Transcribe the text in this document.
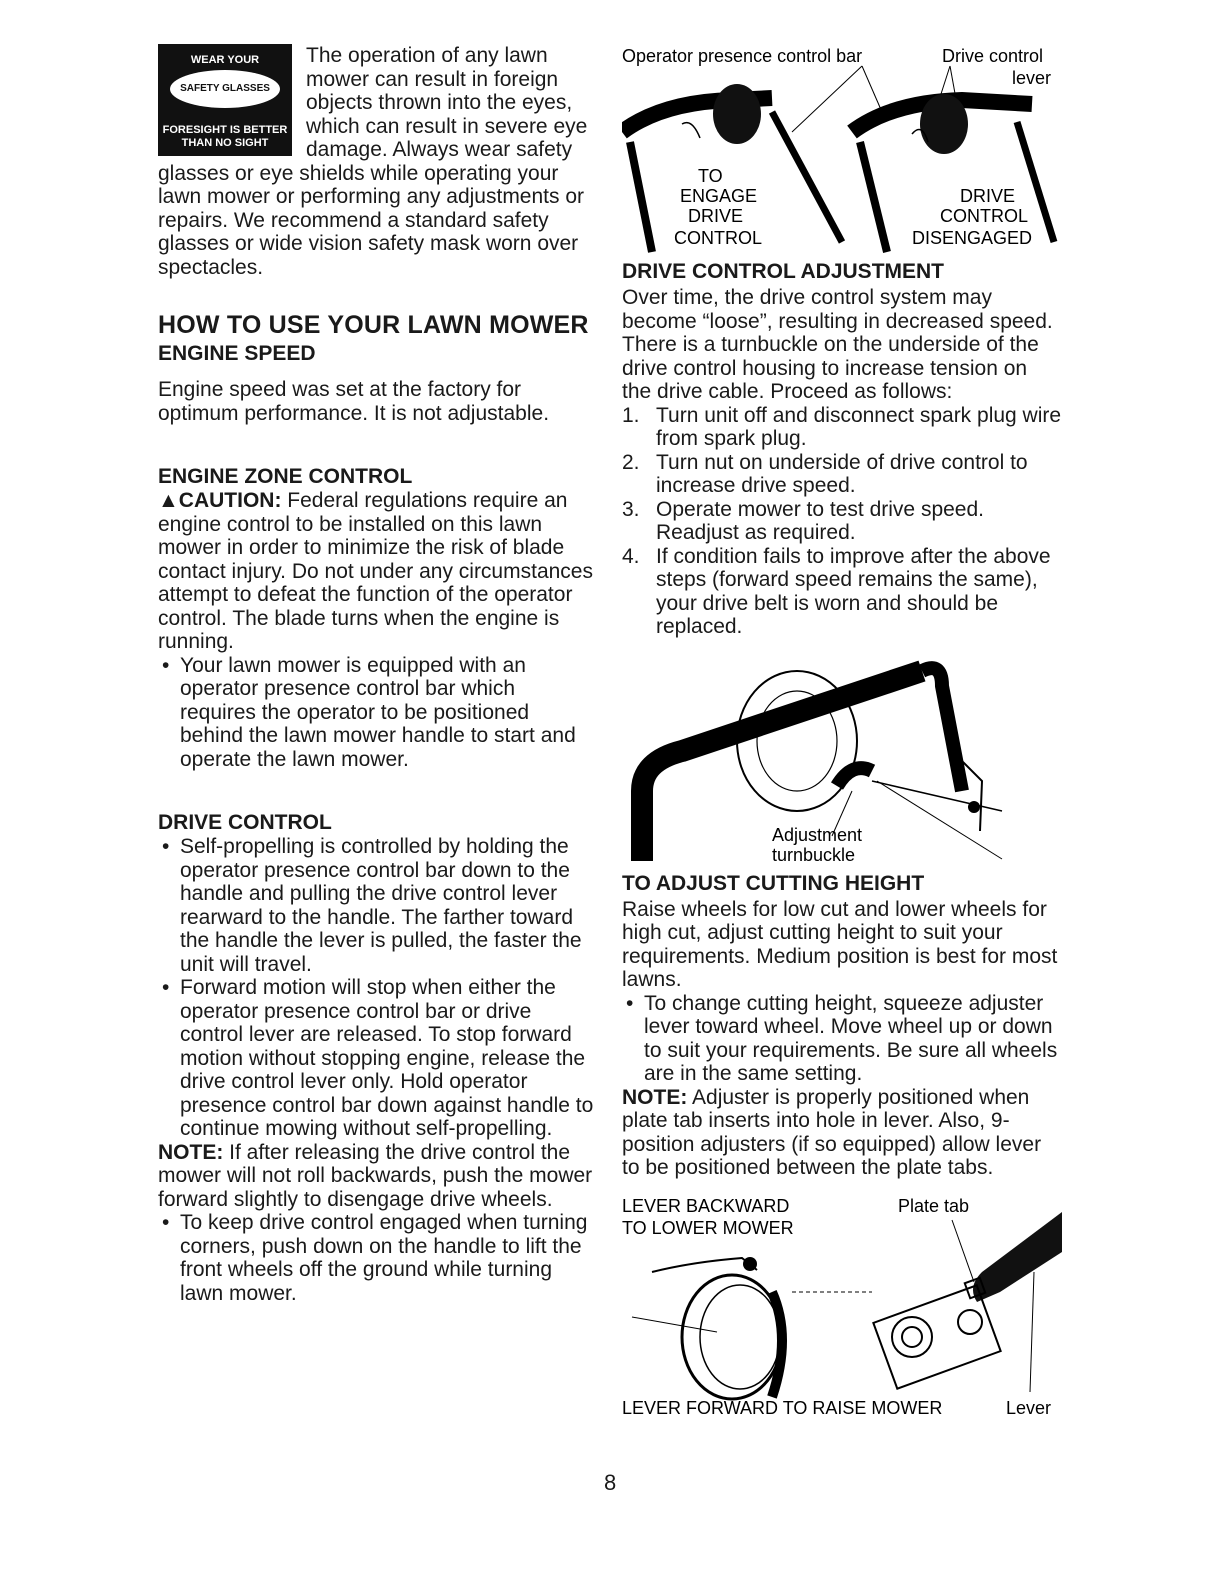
WEAR YOUR
SAFETY GLASSES
FORESIGHT IS BETTER
THAN NO SIGHT

The operation of any lawn mower can result in foreign objects thrown into the eyes, which can result in severe eye damage. Always wear safety glasses or eye shields while operating your lawn mower or performing any adjustments or repairs. We recommend a standard safety glasses or wide vision safety mask worn over spectacles.

HOW TO USE YOUR LAWN MOWER
ENGINE SPEED

Engine speed was set at the factory for optimum performance. It is not adjustable.

ENGINE ZONE CONTROL

▲CAUTION: Federal regulations require an engine control to be installed on this lawn mower in order to minimize the risk of blade contact injury. Do not under any circumstances attempt to defeat the function of the operator control. The blade turns when the engine is running.

• Your lawn mower is equipped with an operator presence control bar which requires the operator to be positioned behind the lawn mower handle to start and operate the lawn mower.
DRIVE CONTROL
• Self-propelling is controlled by holding the operator presence control bar down to the handle and pulling the drive control lever rearward to the handle. The farther toward the handle the lever is pulled, the faster the unit will travel.
• Forward motion will stop when either the operator presence control bar or drive control lever are released. To stop forward motion without stopping engine, release the drive control lever only. Hold operator presence control bar down against handle to continue mowing without self-propelling.

NOTE: If after releasing the drive control the mower will not roll backwards, push the mower forward slightly to disengage drive wheels.

• To keep drive control engaged when turning corners, push down on the handle to lift the front wheels off the ground while turning lawn mower.
Operator presence control bar	Drive control
lever
TO
ENGAGE
DRIVE
CONTROL
DRIVE
CONTROL
DISENGAGED
DRIVE CONTROL ADJUSTMENT

Over time, the drive control system may become “loose”, resulting in decreased speed. There is a turnbuckle on the underside of the drive control housing to increase tension on the drive cable. Proceed as follows:

1. Turn unit off and disconnect spark plug wire from spark plug.
2. Turn nut on underside of drive control to increase drive speed.
3. Operate mower to test drive speed. Readjust as required.
4. If condition fails to improve after the above steps (forward speed remains the same), your drive belt is worn and should be replaced.
Adjustment
turnbuckle
TO ADJUST CUTTING HEIGHT

Raise wheels for low cut and lower wheels for high cut, adjust cutting height to suit your requirements. Medium position is best for most lawns.

• To change cutting height, squeeze adjuster lever toward wheel. Move wheel up or down to suit your requirements. Be sure all wheels are in the same setting.

NOTE: Adjuster is properly positioned when plate tab inserts into hole in lever. Also, 9-position adjusters (if so equipped) allow lever to be positioned between the plate tabs.

LEVER BACKWARD
TO LOWER MOWER
Plate tab
LEVER FORWARD TO RAISE MOWER	Lever
8
